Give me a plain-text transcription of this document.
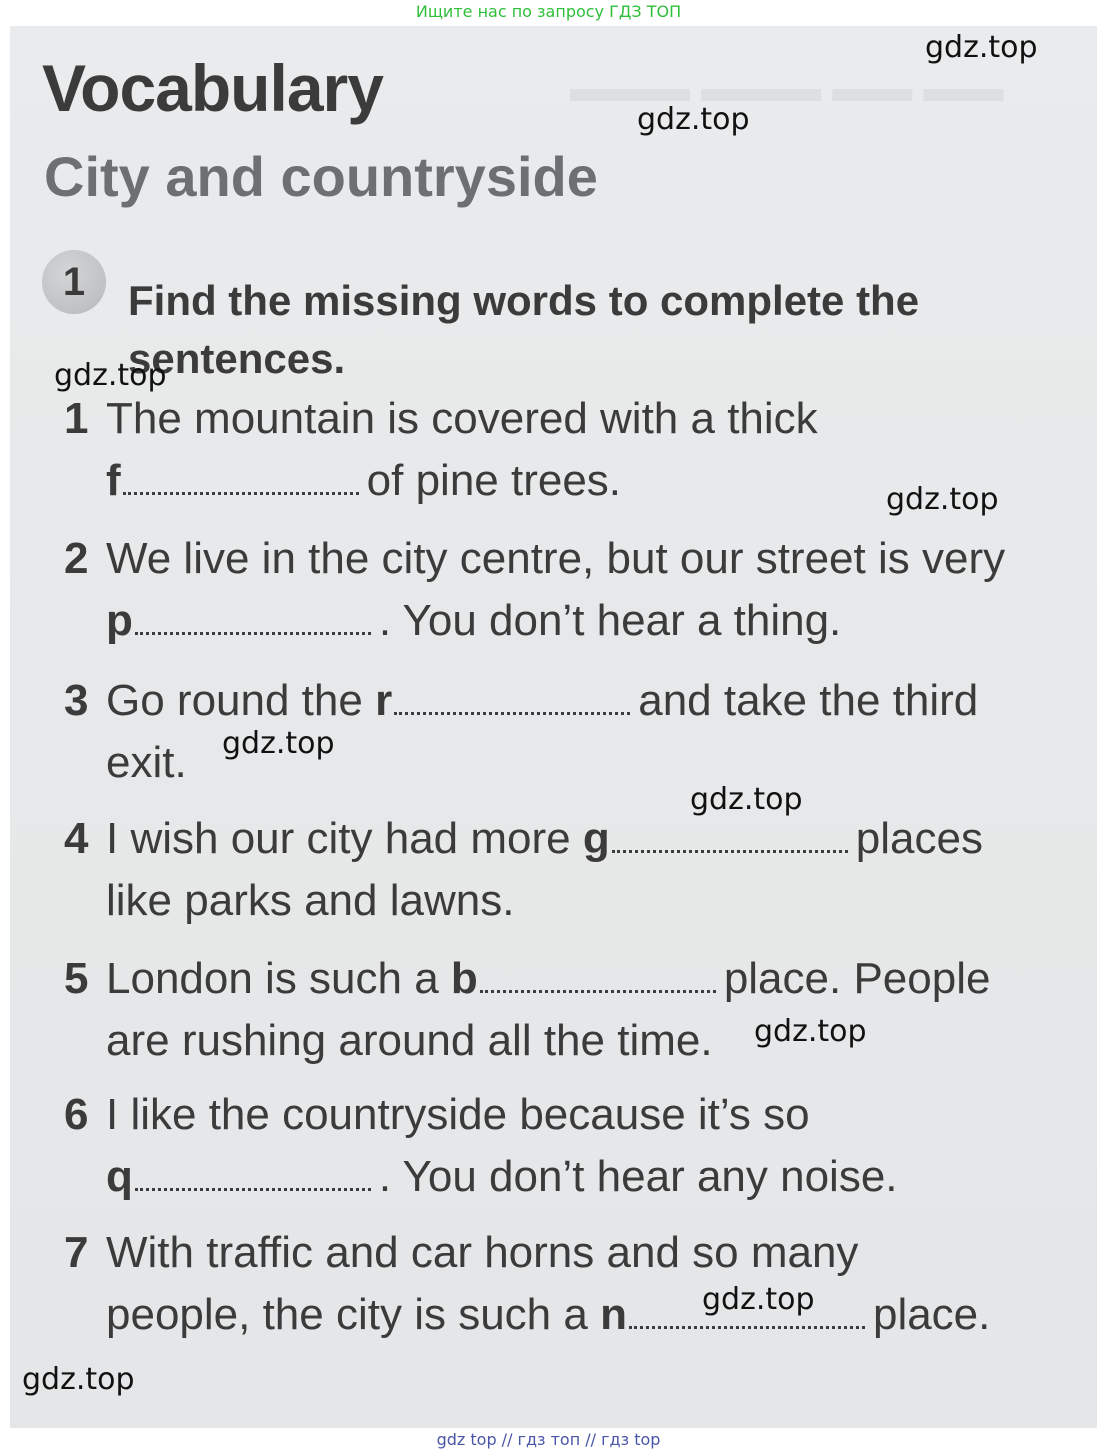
Ищите нас по запросу ГДЗ ТОП
▬▬ ▬▬ ▬▬▬ ▬▬▬
Vocabulary
City and countryside
1	Find the missing words to complete the
sentences.
1 The mountain is covered with a thick
f	of pine trees.
2 We live in the city centre, but our street is very
p	. You don’t hear a thing.
3 Go round the r	and take the third
exit.
4 I wish our city had more g	places
like parks and lawns.
5 London is such a b	place. People
are rushing around all the time.
6 I like the countryside because it’s so
q	. You don’t hear any noise.
7 With traffic and car horns and so many
people, the city is such a n	place.
gdz.top
gdz.top
gdz.top
gdz.top
gdz.top
gdz.top
gdz.top
gdz.top
gdz.top
gdz top // гдз топ // гдз top
